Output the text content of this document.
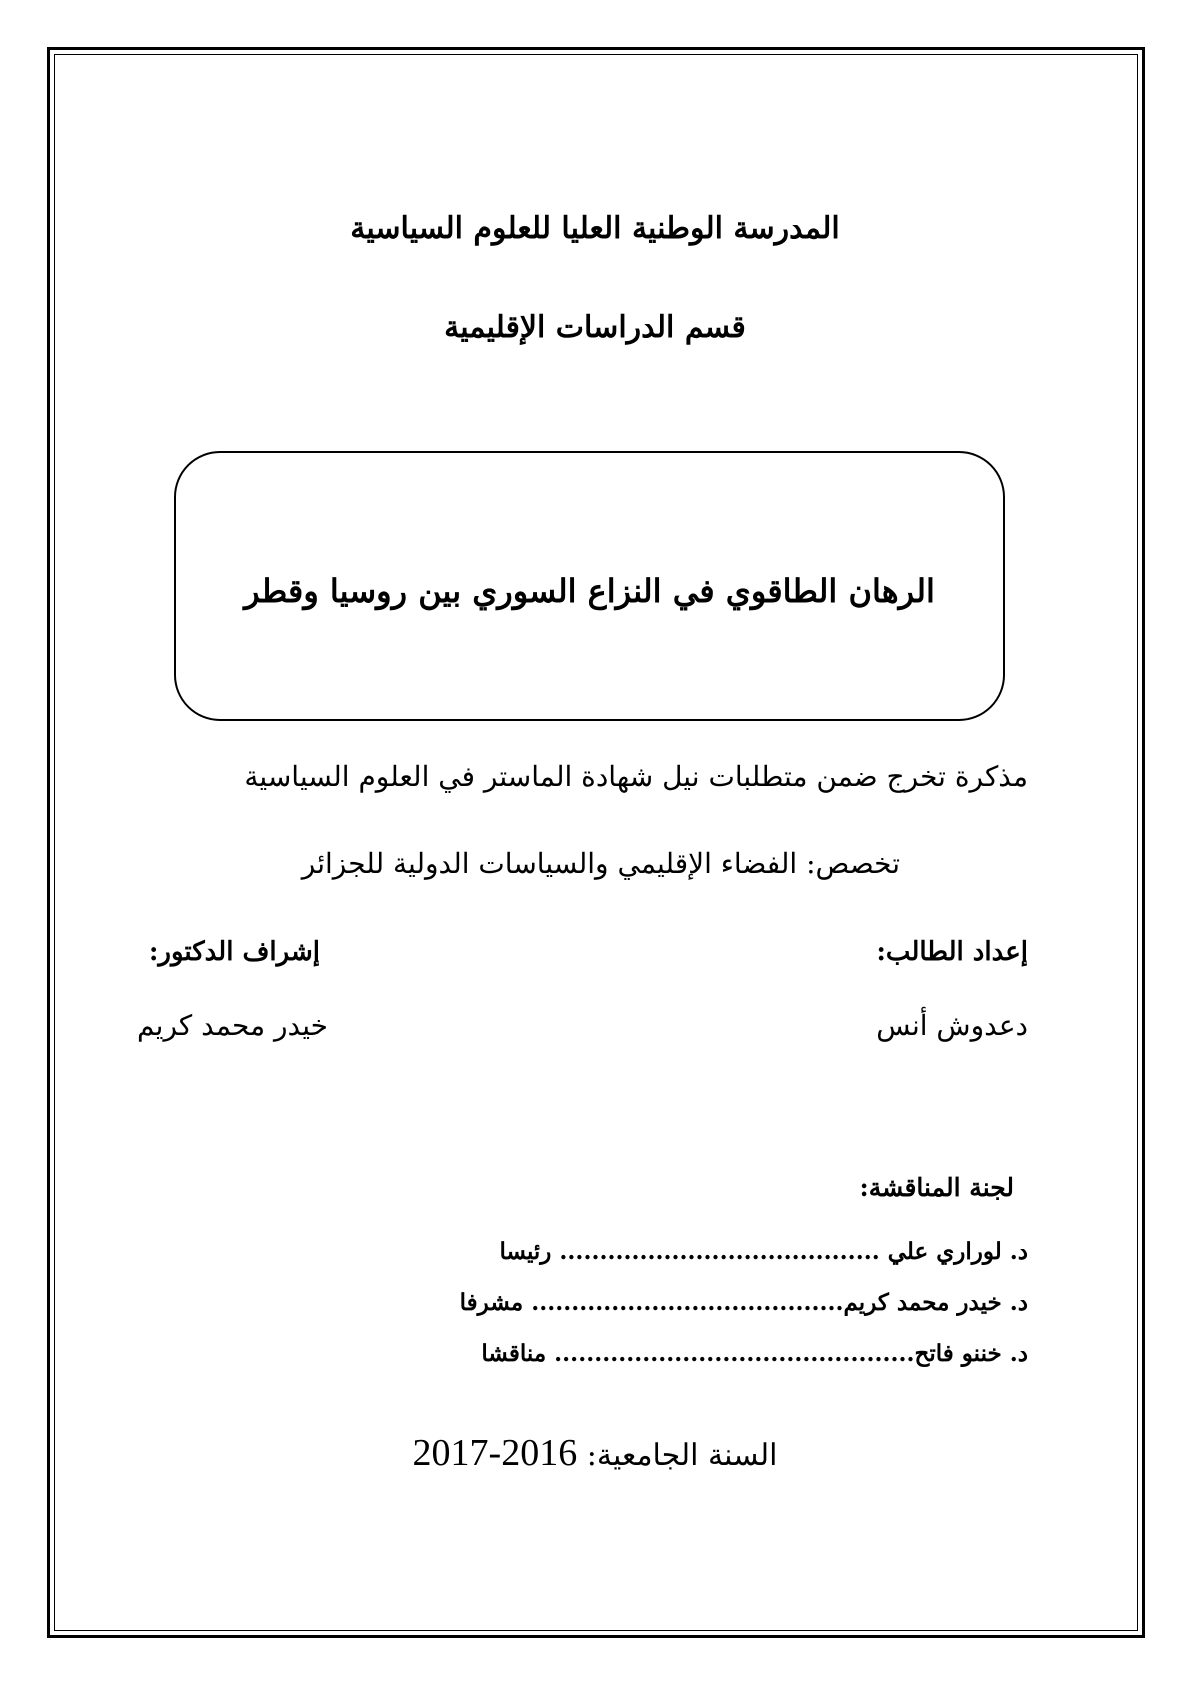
المدرسة الوطنية العليا للعلوم السياسية
قسم الدراسات الإقليمية
الرهان الطاقوي في النزاع السوري بين روسيا وقطر
مذكرة تخرج ضمن متطلبات نيل شهادة الماستر في العلوم السياسية
تخصص: الفضاء الإقليمي والسياسات الدولية للجزائر
إعداد الطالب:
إشراف الدكتور:
دعدوش أنس
خيدر محمد كريم
لجنة المناقشة:
د. لوراري علي ........................................ رئيسا
د. خيدر محمد كريم....................................... مشرفا
د. خننو فاتح............................................. مناقشا
السنة الجامعية: 2017-2016
